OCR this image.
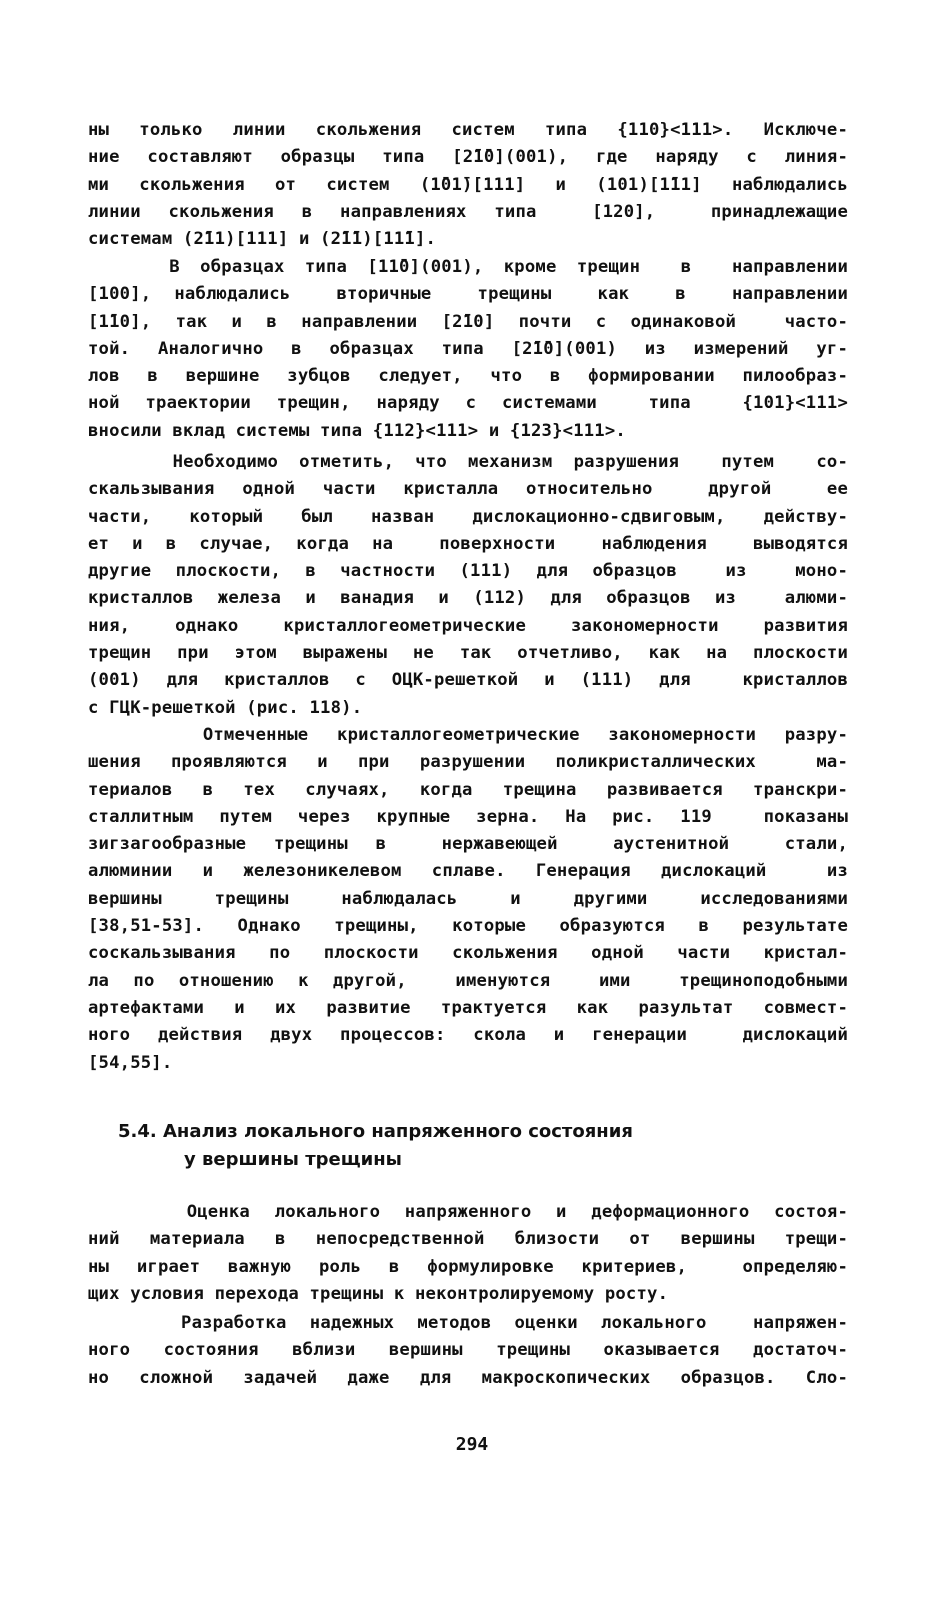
ны только линии скольжения систем типа {110}<111>. Исключе-
ние составляют образцы типа [2̄1̄0](001), где наряду с линия-
ми скольжения от систем (1̄01̄)[111] и (101)[1̄11] наблюдались
линии скольжения в направлениях типа  [120],  принадлежащие
системам (2̄11)[111] и (2̄1̄1)[11̄1].
В образцах типа [11̄0](001), кроме трещин  в  направлении
[100], наблюдались  вторичные  трещины  как  в  направлении
[1̄10], так и в направлении [2̄10] почти с одинаковой  часто-
той. Аналогично в образцах типа [2̄1̄0](001) из измерений уг-
лов в вершине зубцов следует, что в формировании пилообраз-
ной траектории трещин, наряду с системами  типа  {101}<111>
вносили вклад системы типа {112}<111> и {123}<111>.
Необходимо отметить, что механизм разрушения  путем  со-
скальзывания одной части кристалла относительно  другой  ее
части, который был назван дислокационно-сдвиговым, действу-
ет и в случае, когда на  поверхности  наблюдения  выводятся
другие плоскости, в частности (111) для образцов  из  моно-
кристаллов железа и ванадия и (112) для образцов из  алюми-
ния, однако кристаллогеометрические закономерности развития
трещин при этом выражены не так отчетливо, как на плоскости
(001) для кристаллов с ОЦК-решеткой и (111) для  кристаллов
с ГЦК-решеткой (рис. 118).
Отмеченные кристаллогеометрические закономерности разру-
шения проявляются и при разрушении поликристаллических  ма-
териалов в тех случаях, когда трещина развивается транскри-
сталлитным путем через крупные зерна. На рис. 119  показаны
зигзагообразные трещины в  нержавеющей  аустенитной  стали,
алюминии и железоникелевом сплаве. Генерация дислокаций  из
вершины  трещины  наблюдалась  и  другими  исследованиями
[38,51-53]. Однако трещины, которые образуются в результате
соскальзывания по плоскости скольжения одной части кристал-
ла по отношению к другой,  именуются  ими  трещиноподобными
артефактами и их развитие трактуется как разультат совмест-
ного действия двух процессов: скола и генерации  дислокаций
[54,55].
5.4. Анализ локального напряженного состояния
у вершины трещины
Оценка локального напряженного и деформационного состоя-
ний материала в непосредственной близости от вершины трещи-
ны играет важную роль в формулировке критериев,  определяю-
щих условия перехода трещины к неконтролируемому росту.
Разработка надежных методов оценки локального  напряжен-
ного состояния вблизи вершины трещины оказывается достаточ-
но сложной задачей даже для макроскопических образцов. Сло-
294
